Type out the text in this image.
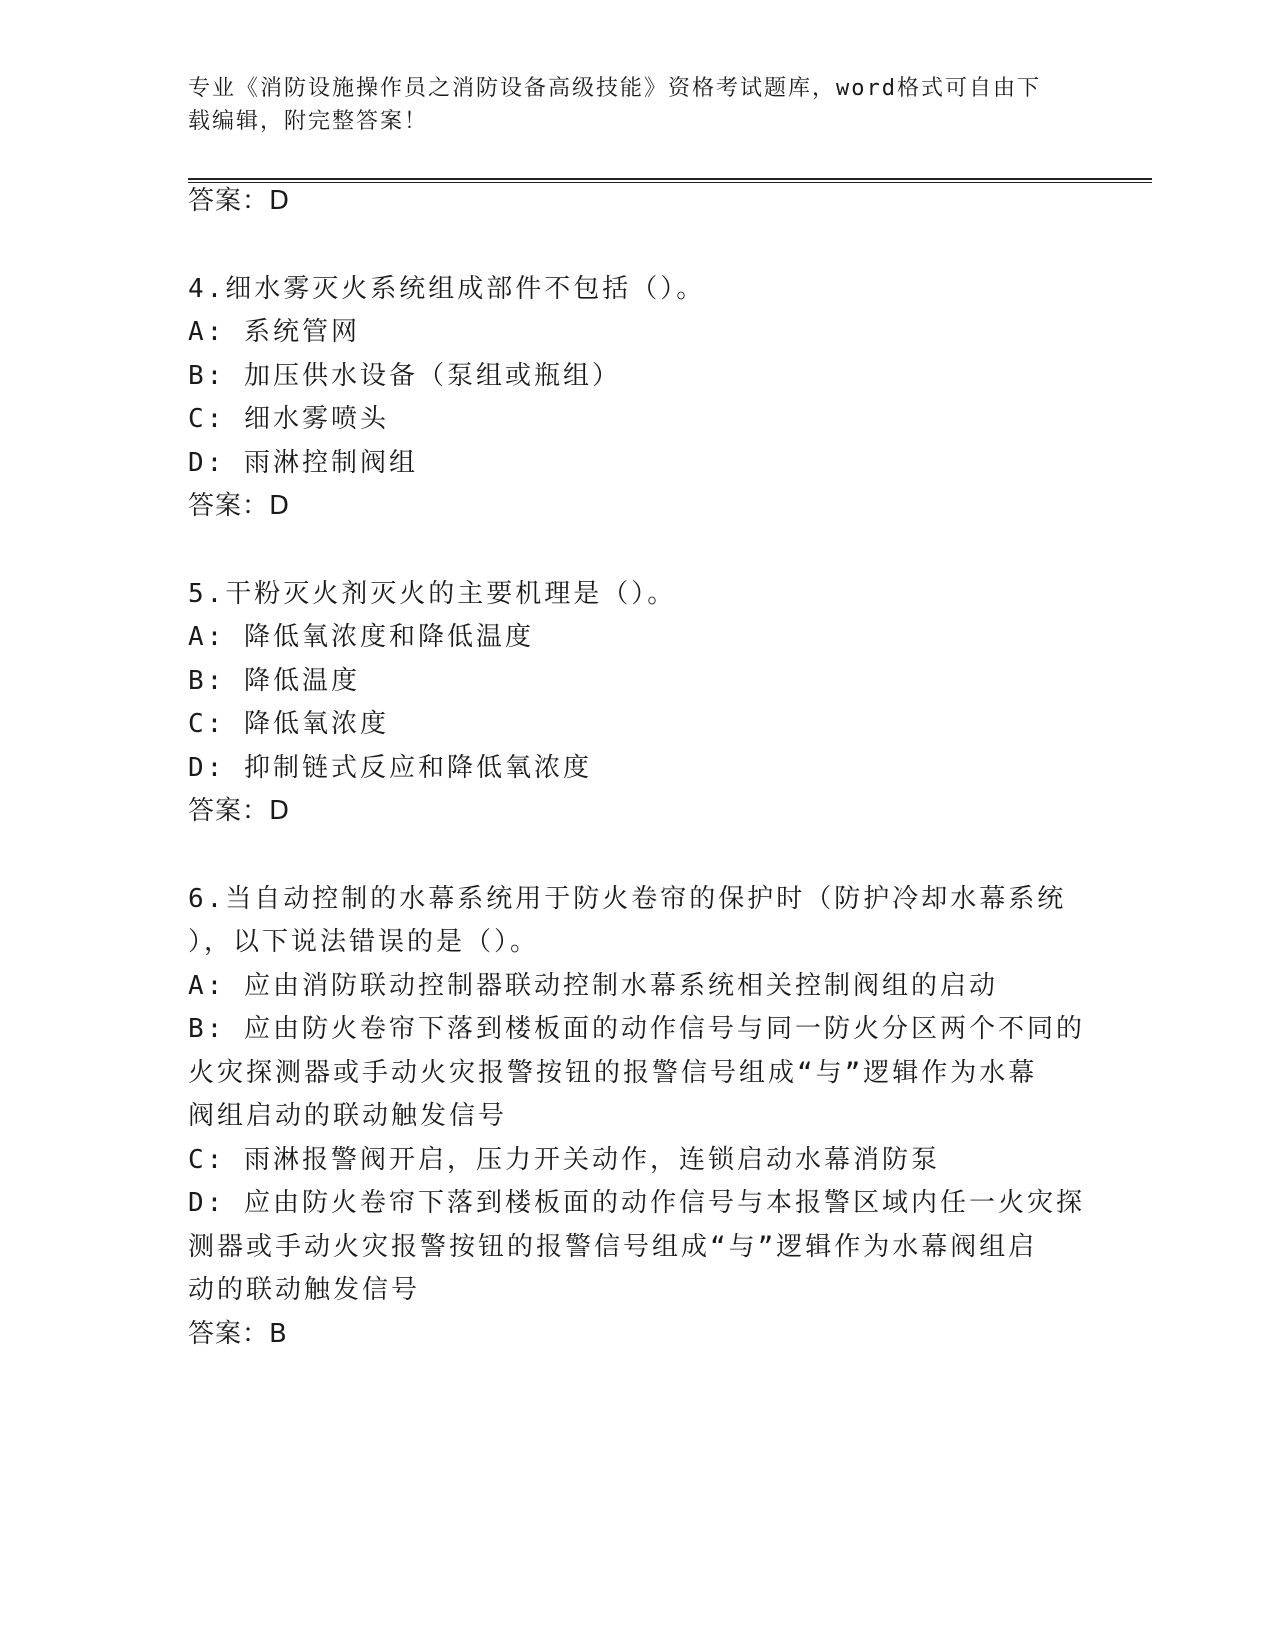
专业《消防设施操作员之消防设备高级技能》资格考试题库，word格式可自由下
载编辑，附完整答案！
答案：D
4.细水雾灭火系统组成部件不包括（）。
A: 系统管网
B: 加压供水设备（泵组或瓶组）
C: 细水雾喷头
D: 雨淋控制阀组
答案：D
5.干粉灭火剂灭火的主要机理是（）。
A: 降低氧浓度和降低温度
B: 降低温度
C: 降低氧浓度
D: 抑制链式反应和降低氧浓度
答案：D
6.当自动控制的水幕系统用于防火卷帘的保护时（防护冷却水幕系统
），以下说法错误的是（）。
A: 应由消防联动控制器联动控制水幕系统相关控制阀组的启动
B: 应由防火卷帘下落到楼板面的动作信号与同一防火分区两个不同的
火灾探测器或手动火灾报警按钮的报警信号组成“与”逻辑作为水幕
阀组启动的联动触发信号
C: 雨淋报警阀开启，压力开关动作，连锁启动水幕消防泵
D: 应由防火卷帘下落到楼板面的动作信号与本报警区域内任一火灾探
测器或手动火灾报警按钮的报警信号组成“与”逻辑作为水幕阀组启
动的联动触发信号
答案：B
